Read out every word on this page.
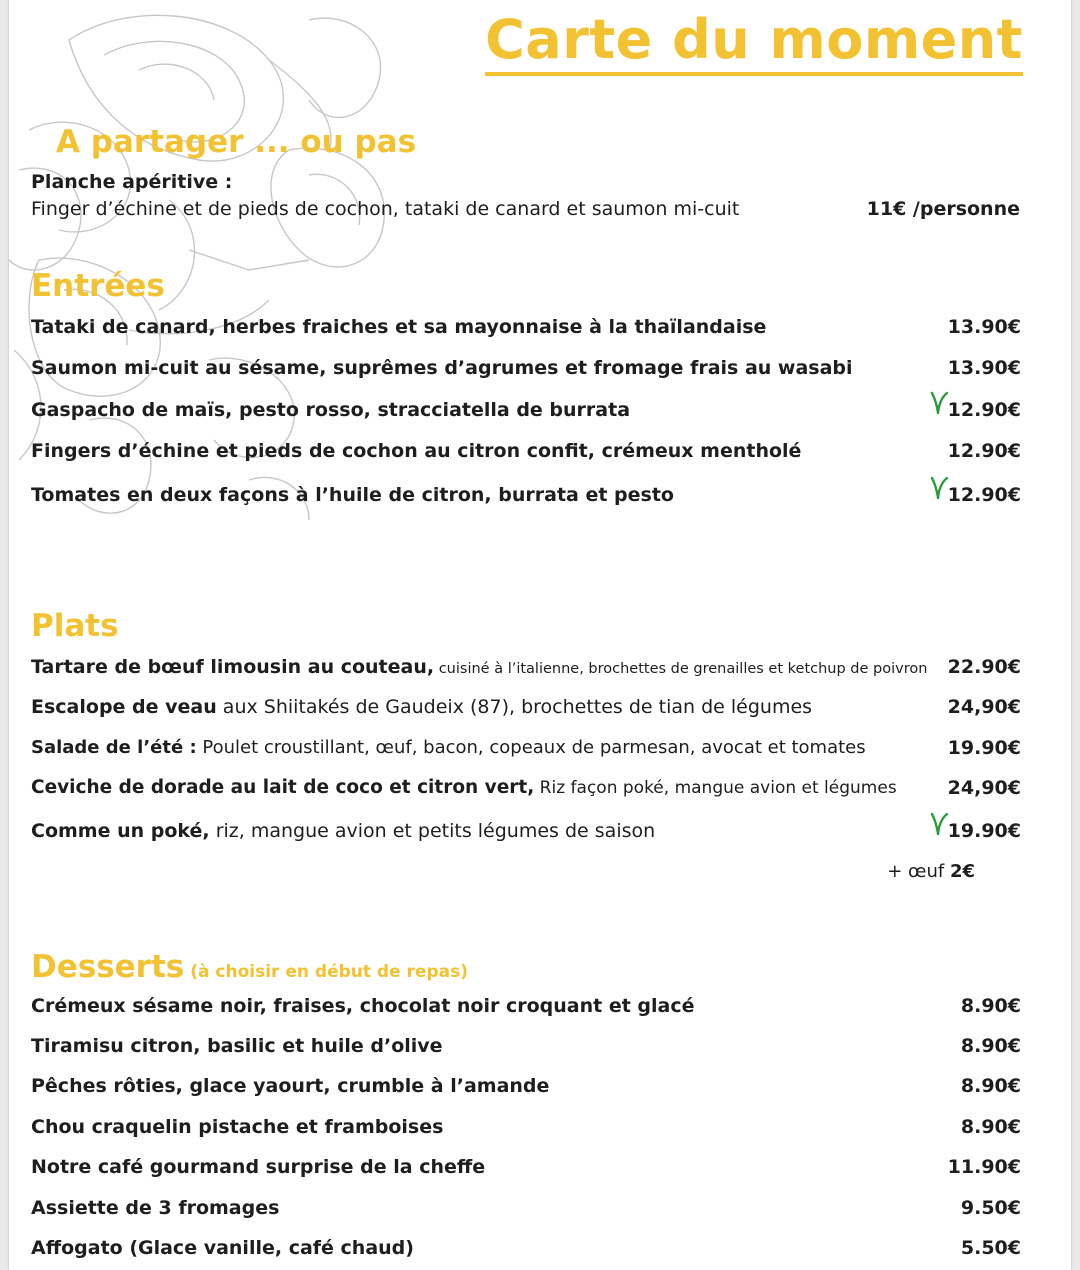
Carte du moment
A partager ... ou pas
Planche apéritive :
Finger d’échine et de pieds de cochon, tataki de canard et saumon mi-cuit	11€ /personne
Entrées
Tataki de canard, herbes fraiches et sa mayonnaise à la thaïlandaise	13.90€
Saumon mi-cuit au sésame, suprêmes d’agrumes et fromage frais au wasabi	13.90€
Gaspacho de maïs, pesto rosso, stracciatella de burrata	12.90€
Fingers d’échine et pieds de cochon au citron confit, crémeux mentholé	12.90€
Tomates en deux façons à l’huile de citron, burrata et pesto	12.90€
Plats
Tartare de bœuf limousin au couteau, cuisiné à l’italienne, brochettes de grenailles et ketchup de poivron 22.90€
Escalope de veau aux Shiitakés de Gaudeix (87), brochettes de tian de légumes	24,90€
Salade de l’été : Poulet croustillant, œuf, bacon, copeaux de parmesan, avocat et tomates	19.90€
Ceviche de dorade au lait de coco et citron vert, Riz façon poké, mangue avion et légumes	24,90€
Comme un poké, riz, mangue avion et petits légumes de saison	19.90€
+ œuf 2€
Desserts (à choisir en début de repas)
Crémeux sésame noir, fraises, chocolat noir croquant et glacé	8.90€
Tiramisu citron, basilic et huile d’olive	8.90€
Pêches rôties, glace yaourt, crumble à l’amande	8.90€
Chou craquelin pistache et framboises	8.90€
Notre café gourmand surprise de la cheffe	11.90€
Assiette de 3 fromages	9.50€
Affogato (Glace vanille, café chaud)	5.50€
